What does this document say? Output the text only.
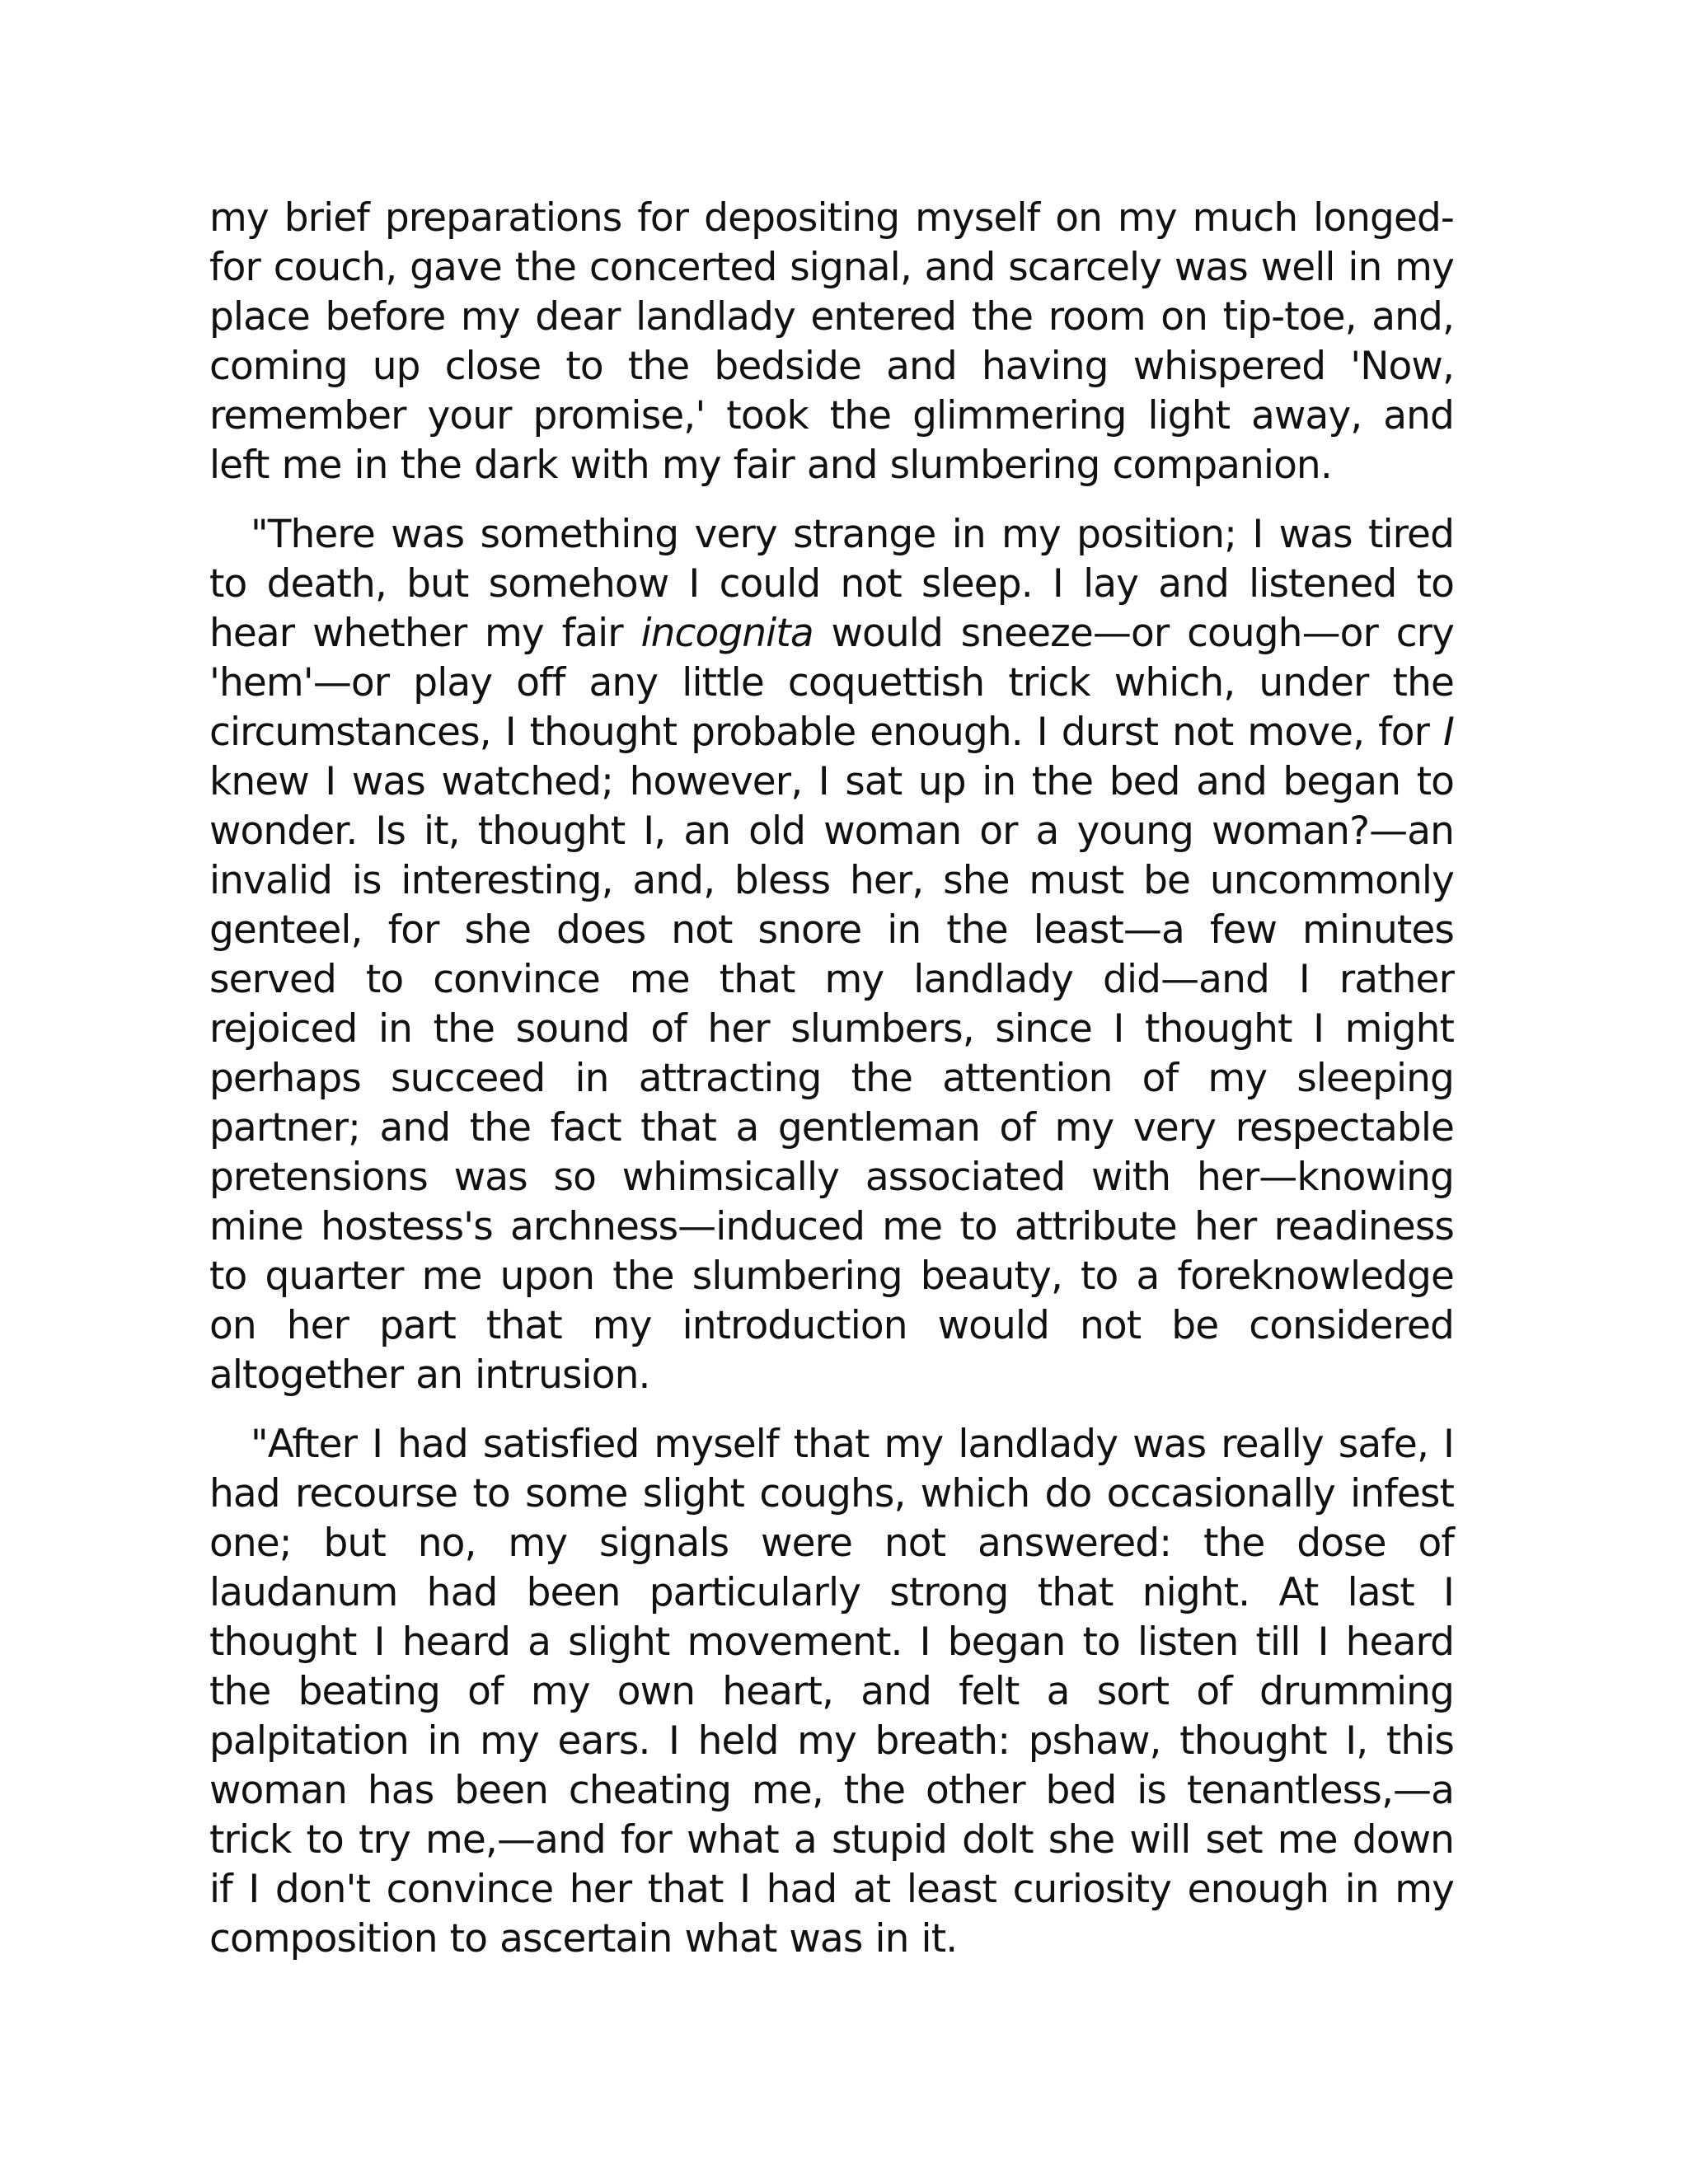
my brief preparations for depositing myself on my much longed-for couch, gave the concerted signal, and scarcely was well in my place before my dear landlady entered the room on tip-toe, and, coming up close to the bedside and having whispered 'Now, remember your promise,' took the glimmering light away, and left me in the dark with my fair and slumbering companion.

"There was something very strange in my position; I was tired to death, but somehow I could not sleep. I lay and listened to hear whether my fair incognita would sneeze—or cough—or cry 'hem'—or play off any little coquettish trick which, under the circumstances, I thought probable enough. I durst not move, for I knew I was watched; however, I sat up in the bed and began to wonder. Is it, thought I, an old woman or a young woman?—an invalid is interesting, and, bless her, she must be uncommonly genteel, for she does not snore in the least—a few minutes served to convince me that my landlady did—and I rather rejoiced in the sound of her slumbers, since I thought I might perhaps succeed in attracting the attention of my sleeping partner; and the fact that a gentleman of my very respectable pretensions was so whimsically associated with her—knowing mine hostess's archness—induced me to attribute her readiness to quarter me upon the slumbering beauty, to a foreknowledge on her part that my introduction would not be considered altogether an intrusion.

"After I had satisfied myself that my landlady was really safe, I had recourse to some slight coughs, which do occasionally infest one; but no, my signals were not answered: the dose of laudanum had been particularly strong that night. At last I thought I heard a slight movement. I began to listen till I heard the beating of my own heart, and felt a sort of drumming palpitation in my ears. I held my breath: pshaw, thought I, this woman has been cheating me, the other bed is tenantless,—a trick to try me,—and for what a stupid dolt she will set me down if I don't convince her that I had at least curiosity enough in my composition to ascertain what was in it.
